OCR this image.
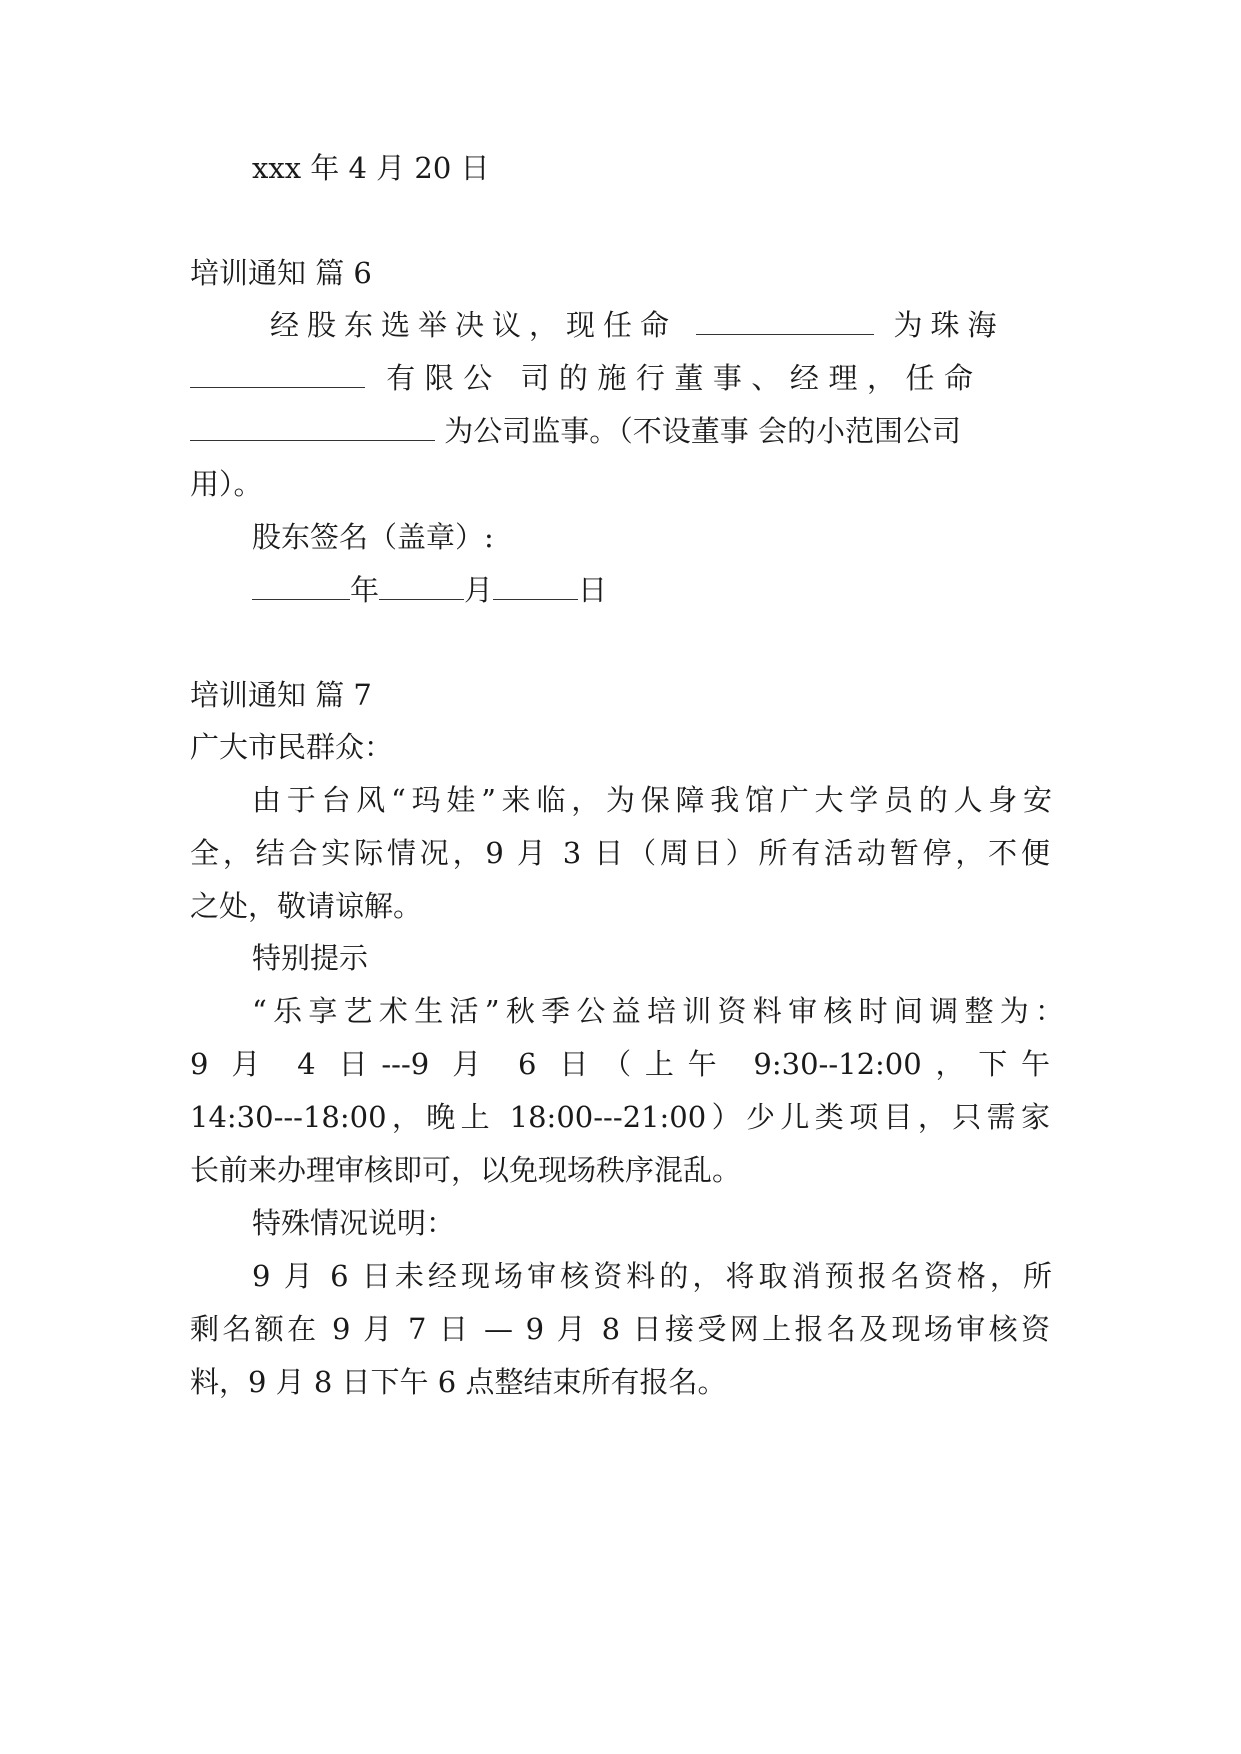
xxx 年 4 月 20 日
培训通知 篇 6
经股东选举决议，现任命	为珠海
有限公 司的施行董事、经理，任命
为公司监事。（不设董事 会的小范围公司
用）。
股东签名（盖章）:
年	月	日
培训通知 篇 7
广大市民群众：
由于台风“玛娃”来临，为保障我馆广大学员的人身安
全，结合实际情况，9 月 3 日（周日）所有活动暂停，不便
之处，敬请谅解。
特别提示
“乐享艺术生活”秋季公益培训资料审核时间调整为：
9 月 4 日---9 月 6 日（上午 9:30--12:00，下午
14:30---18:00，晚上 18:00---21:00）少儿类项目，只需家
长前来办理审核即可，以免现场秩序混乱。
特殊情况说明：
9 月 6 日未经现场审核资料的，将取消预报名资格，所
剩名额在 9 月 7 日 — 9 月 8 日接受网上报名及现场审核资
料，9 月 8 日下午 6 点整结束所有报名。
